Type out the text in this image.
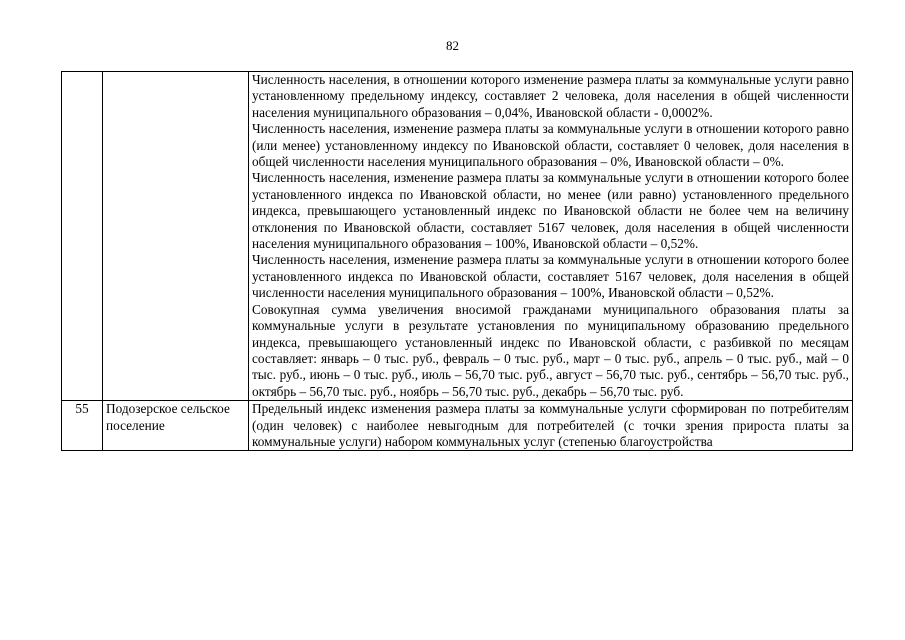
82

		Численность населения, в отношении которого изменение размера платы за коммунальные услуги равно установленному предельному индексу, составляет 2 человека, доля населения в общей численности населения муниципального образования – 0,04%, Ивановской области - 0,0002%.

Численность населения, изменение размера платы за коммунальные услуги в отношении которого равно (или менее) установленному индексу по Ивановской области, составляет 0 человек, доля населения в общей численности населения муниципального образования – 0%, Ивановской области – 0%.

Численность населения, изменение размера платы за коммунальные услуги в отношении которого более установленного индекса по Ивановской области, но менее (или равно) установленного предельного индекса, превышающего установленный индекс по Ивановской области не более чем на величину отклонения по Ивановской области, составляет 5167 человек, доля населения в общей численности населения муниципального образования – 100%, Ивановской области – 0,52%.

Численность населения, изменение размера платы за коммунальные услуги в отношении которого более установленного индекса по Ивановской области, составляет 5167 человек, доля населения в общей численности населения муниципального образования – 100%, Ивановской области – 0,52%.

Совокупная сумма увеличения вносимой гражданами муниципального образования платы за коммунальные услуги в результате установления по муниципальному образованию предельного индекса, превышающего установленный индекс по Ивановской области, с разбивкой по месяцам составляет: январь – 0 тыс. руб., февраль – 0 тыс. руб., март – 0 тыс. руб., апрель – 0 тыс. руб., май – 0 тыс. руб., июнь – 0 тыс. руб., июль – 56,70 тыс. руб., август – 56,70 тыс. руб., сентябрь – 56,70 тыс. руб., октябрь – 56,70 тыс. руб., ноябрь – 56,70 тыс. руб., декабрь – 56,70 тыс. руб.

55	Подозерское сельское поселение	Предельный индекс изменения размера платы за коммунальные услуги сформирован по потребителям (один человек) с наиболее невыгодным для потребителей (с точки зрения прироста платы за коммунальные услуги) набором коммунальных услуг (степенью благоустройства
